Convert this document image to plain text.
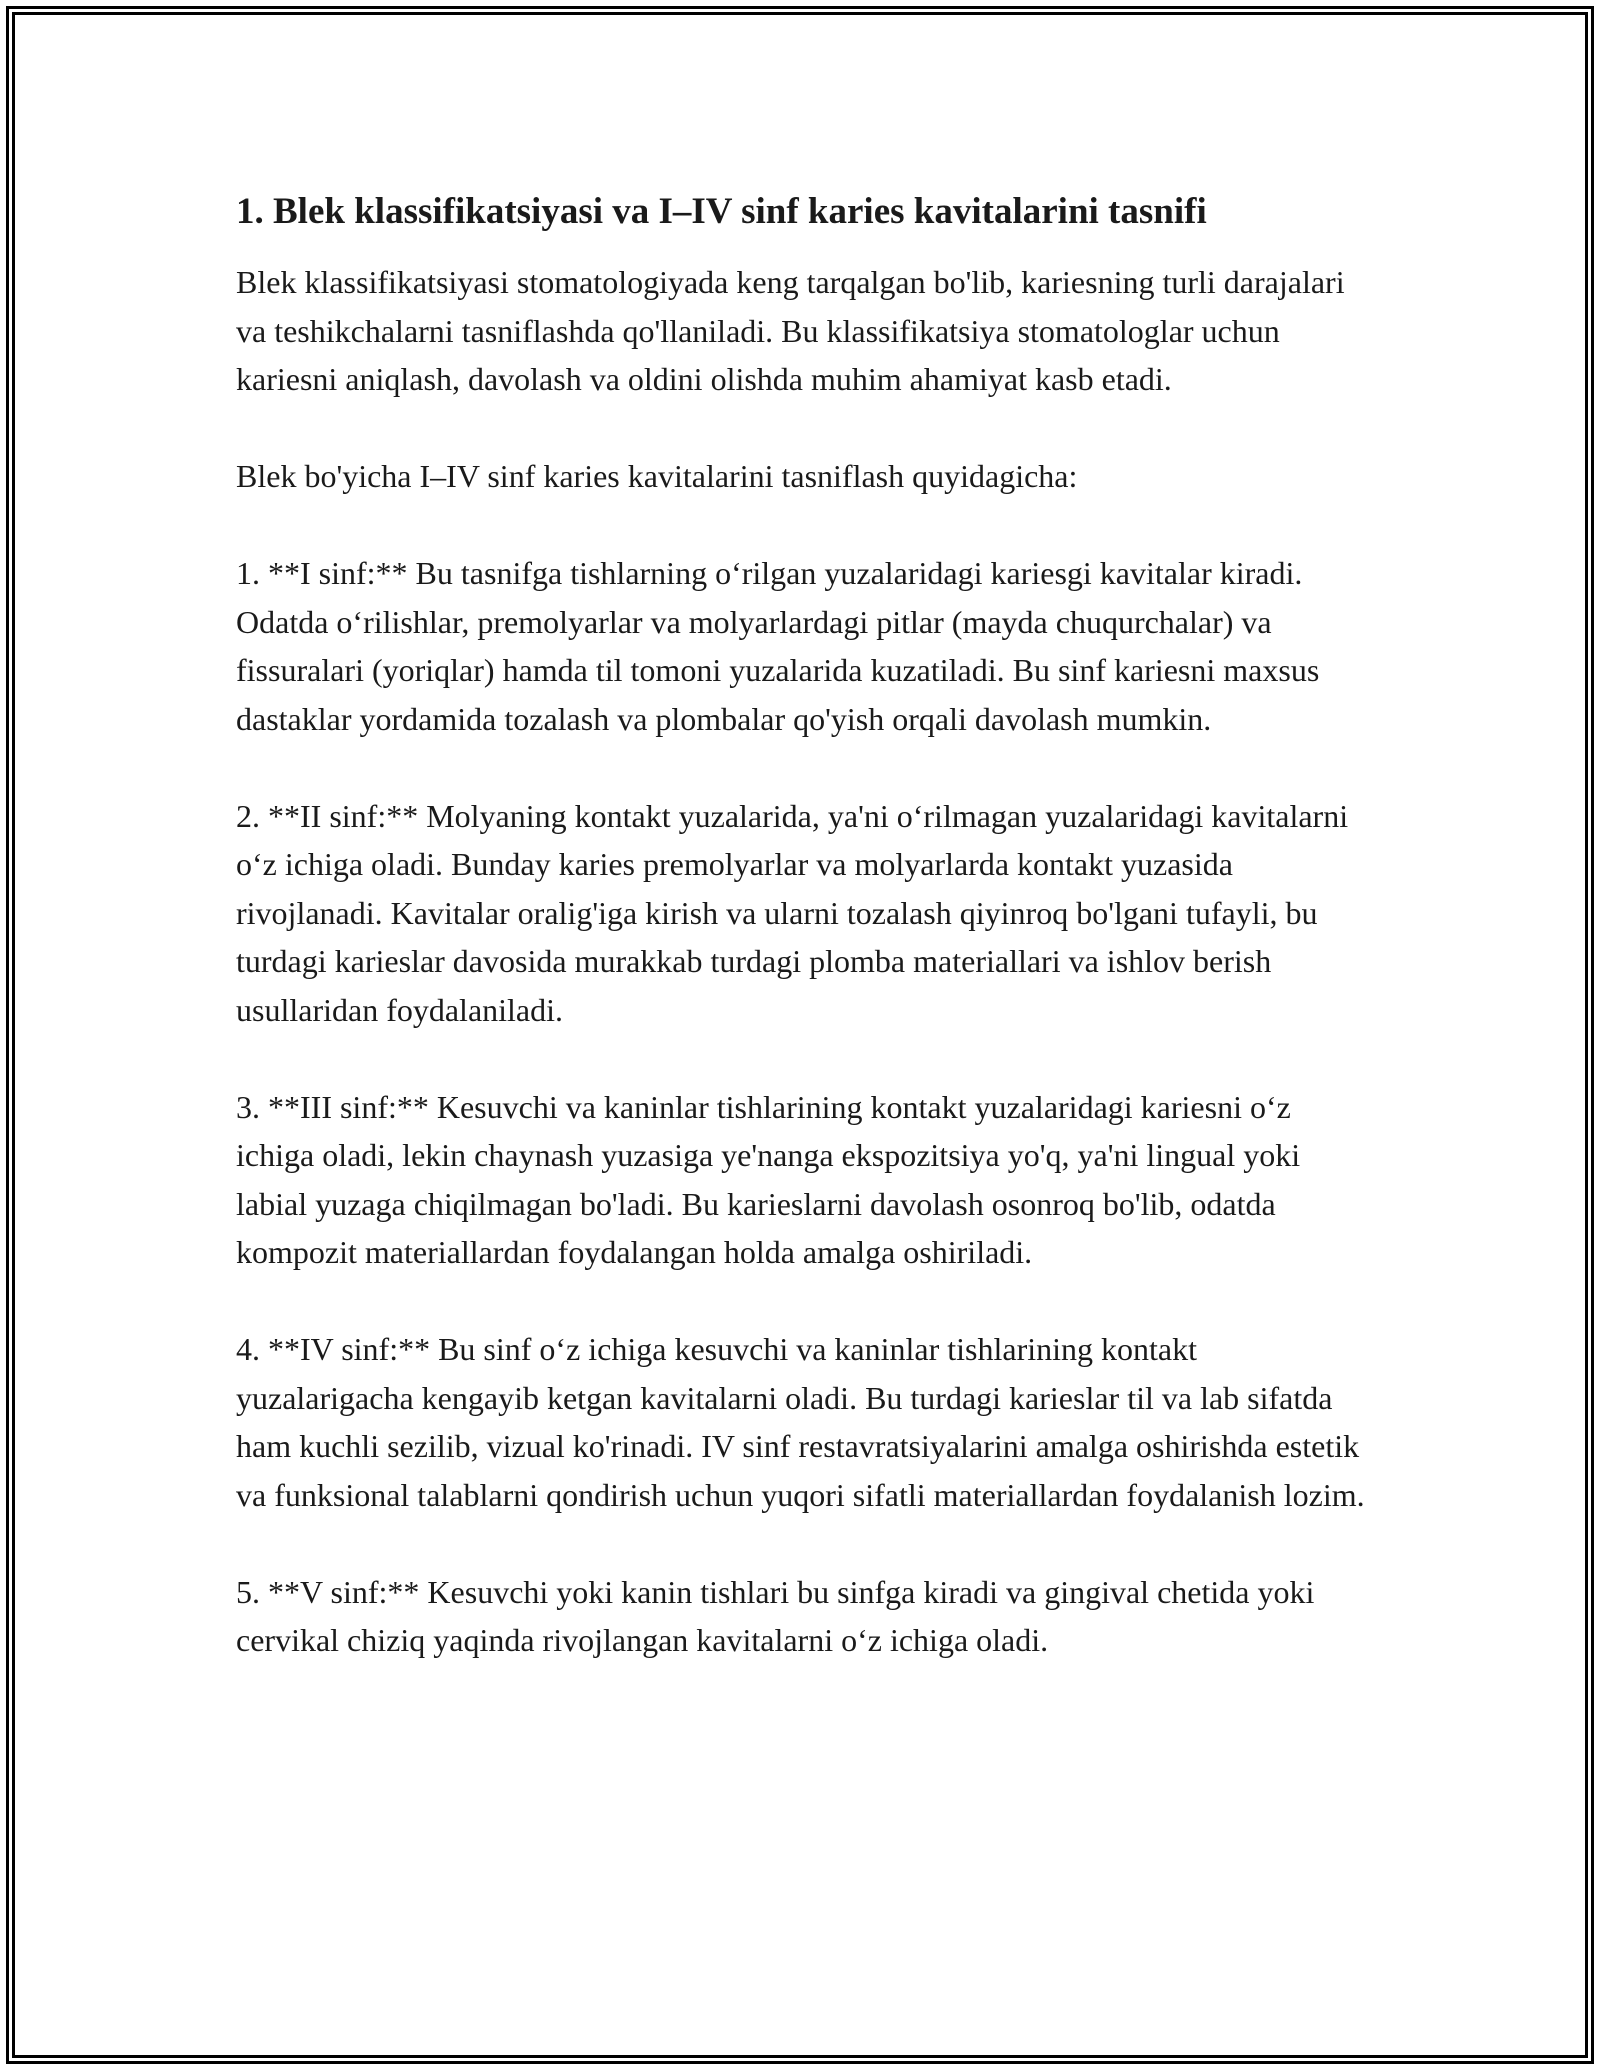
1. Blek klassifikatsiyasi va I–IV sinf karies kavitalarini tasnifi

Blek klassifikatsiyasi stomatologiyada keng tarqalgan bo'lib, kariesning turli darajalari va teshikchalarni tasniflashda qo'llaniladi. Bu klassifikatsiya stomatologlar uchun kariesni aniqlash, davolash va oldini olishda muhim ahamiyat kasb etadi.

Blek bo'yicha I–IV sinf karies kavitalarini tasniflash quyidagicha:

1. **I sinf:** Bu tasnifga tishlarning o‘rilgan yuzalaridagi kariesgi kavitalar kiradi. Odatda o‘rilishlar, premolyarlar va molyarlardagi pitlar (mayda chuqurchalar) va fissuralari (yoriqlar) hamda til tomoni yuzalarida kuzatiladi. Bu sinf kariesni maxsus dastaklar yordamida tozalash va plombalar qo'yish orqali davolash mumkin.

2. **II sinf:** Molyaning kontakt yuzalarida, ya'ni o‘rilmagan yuzalaridagi kavitalarni o‘z ichiga oladi. Bunday karies premolyarlar va molyarlarda kontakt yuzasida rivojlanadi. Kavitalar oralig'iga kirish va ularni tozalash qiyinroq bo'lgani tufayli, bu turdagi karieslar davosida murakkab turdagi plomba materiallari va ishlov berish usullaridan foydalaniladi.

3. **III sinf:** Kesuvchi va kaninlar tishlarining kontakt yuzalaridagi kariesni o‘z ichiga oladi, lekin chaynash yuzasiga ye'nanga ekspozitsiya yo'q, ya'ni lingual yoki labial yuzaga chiqilmagan bo'ladi. Bu karieslarni davolash osonroq bo'lib, odatda kompozit materiallardan foydalangan holda amalga oshiriladi.

4. **IV sinf:** Bu sinf o‘z ichiga kesuvchi va kaninlar tishlarining kontakt yuzalarigacha kengayib ketgan kavitalarni oladi. Bu turdagi karieslar til va lab sifatda ham kuchli sezilib, vizual ko'rinadi. IV sinf restavratsiyalarini amalga oshirishda estetik va funksional talablarni qondirish uchun yuqori sifatli materiallardan foydalanish lozim.

5. **V sinf:** Kesuvchi yoki kanin tishlari bu sinfga kiradi va gingival chetida yoki cervikal chiziq yaqinda rivojlangan kavitalarni o‘z ichiga oladi.
